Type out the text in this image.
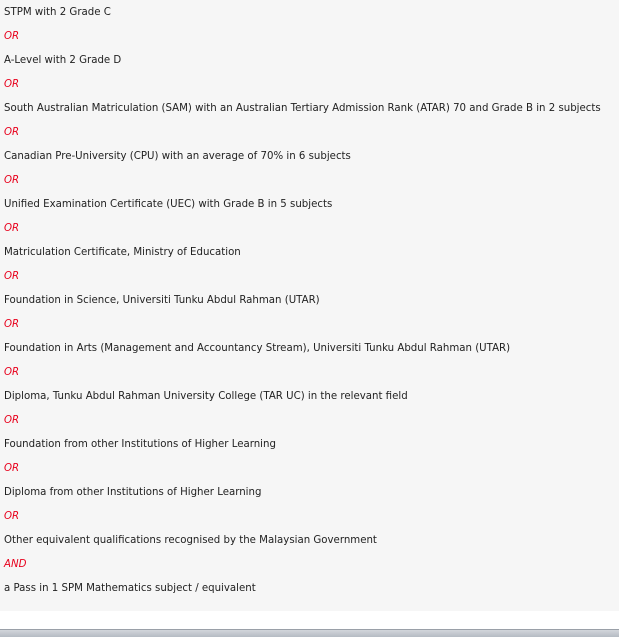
STPM with 2 Grade C
OR
A-Level with 2 Grade D
OR
South Australian Matriculation (SAM) with an Australian Tertiary Admission Rank (ATAR) 70 and Grade B in 2 subjects
OR
Canadian Pre-University (CPU) with an average of 70% in 6 subjects
OR
Unified Examination Certificate (UEC) with Grade B in 5 subjects
OR
Matriculation Certificate, Ministry of Education
OR
Foundation in Science, Universiti Tunku Abdul Rahman (UTAR)
OR
Foundation in Arts (Management and Accountancy Stream), Universiti Tunku Abdul Rahman (UTAR)
OR
Diploma, Tunku Abdul Rahman University College (TAR UC) in the relevant field
OR
Foundation from other Institutions of Higher Learning
OR
Diploma from other Institutions of Higher Learning
OR
Other equivalent qualifications recognised by the Malaysian Government
AND
a Pass in 1 SPM Mathematics subject / equivalent
